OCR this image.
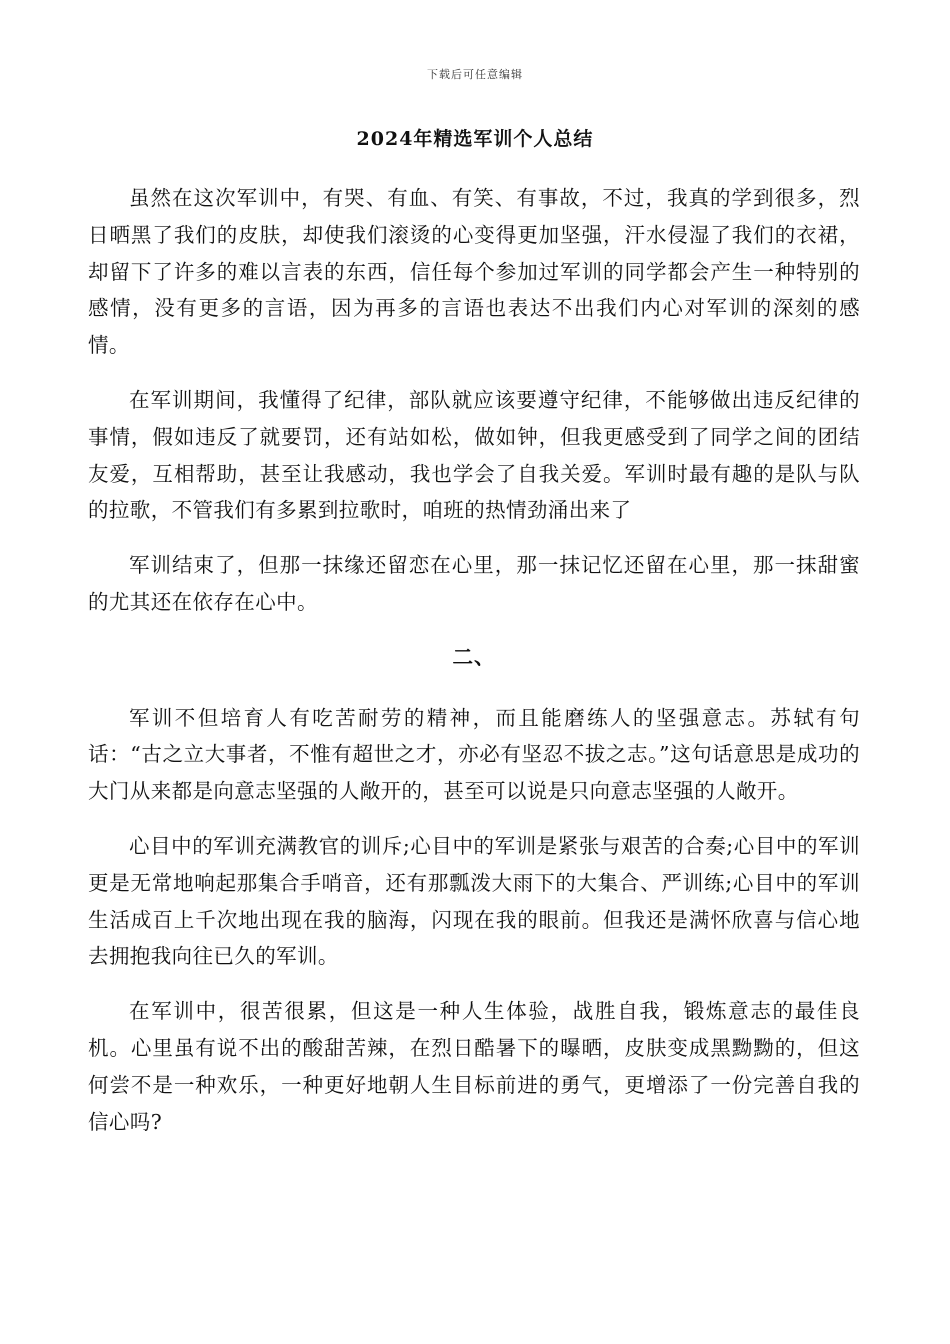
下载后可任意编辑
2024年精选军训个人总结

虽然在这次军训中，有哭、有血、有笑、有事故，不过，我真的学到很多，烈日晒黑了我们的皮肤，却使我们滚烫的心变得更加坚强，汗水侵湿了我们的衣裙，却留下了许多的难以言表的东西，信任每个参加过军训的同学都会产生一种特别的感情，没有更多的言语，因为再多的言语也表达不出我们内心对军训的深刻的感情。

在军训期间，我懂得了纪律，部队就应该要遵守纪律，不能够做出违反纪律的事情，假如违反了就要罚，还有站如松，做如钟，但我更感受到了同学之间的团结友爱，互相帮助，甚至让我感动，我也学会了自我关爱。军训时最有趣的是队与队的拉歌，不管我们有多累到拉歌时，咱班的热情劲涌出来了

军训结束了，但那一抹缘还留恋在心里，那一抹记忆还留在心里，那一抹甜蜜的尤其还在依存在心中。

二、

军训不但培育人有吃苦耐劳的精神，而且能磨练人的坚强意志。苏轼有句话：“古之立大事者，不惟有超世之才，亦必有坚忍不拔之志。”这句话意思是成功的大门从来都是向意志坚强的人敞开的，甚至可以说是只向意志坚强的人敞开。

心目中的军训充满教官的训斥;心目中的军训是紧张与艰苦的合奏;心目中的军训更是无常地响起那集合手哨音，还有那瓢泼大雨下的大集合、严训练;心目中的军训生活成百上千次地出现在我的脑海，闪现在我的眼前。但我还是满怀欣喜与信心地去拥抱我向往已久的军训。

在军训中，很苦很累，但这是一种人生体验，战胜自我，锻炼意志的最佳良机。心里虽有说不出的酸甜苦辣，在烈日酷暑下的曝晒，皮肤变成黑黝黝的，但这何尝不是一种欢乐，一种更好地朝人生目标前进的勇气，更增添了一份完善自我的信心吗?
